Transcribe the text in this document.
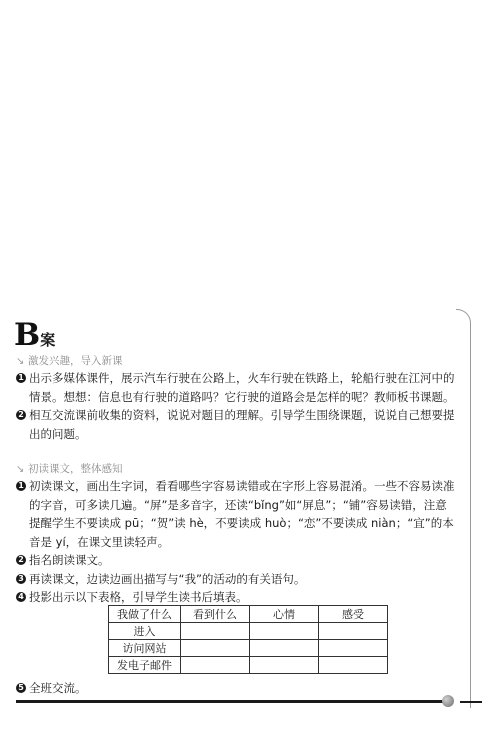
B 案
↘ 激发兴趣，导入新课
1 出示多媒体课件，展示汽车行驶在公路上，火车行驶在铁路上，轮船行驶在江河中的情景。想想：信息也有行驶的道路吗？它行驶的道路会是怎样的呢？教师板书课题。
2 相互交流课前收集的资料，说说对题目的理解。引导学生围绕课题，说说自己想要提出的问题。
↘ 初读课文，整体感知
1 初读课文，画出生字词，看看哪些字容易读错或在字形上容易混淆。一些不容易读准的字音，可多读几遍。“屏”是多音字，还读“bǐng”如“屏息”；“铺”容易读错，注意提醒学生不要读成 pū；“贺”读 hè，不要读成 huò；“恋”不要读成 niàn；“宜”的本音是 yí，在课文里读轻声。
2 指名朗读课文。
3 再读课文，边读边画出描写与“我”的活动的有关语句。
4 投影出示以下表格，引导学生读书后填表。
我做了什么	看到什么	心情	感受
进入			
访问网站			
发电子邮件			
5 全班交流。
